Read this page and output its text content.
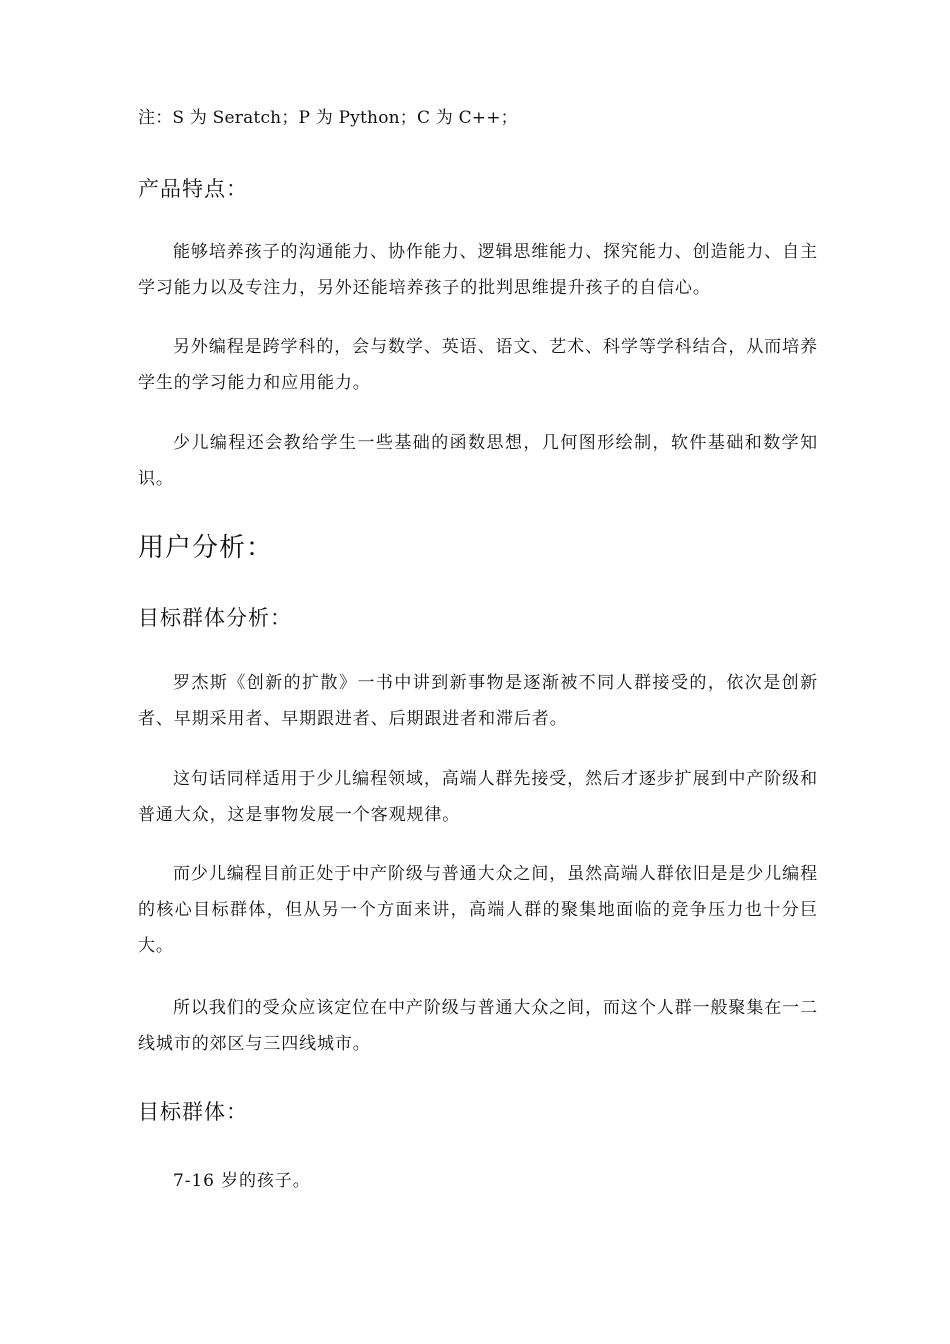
注：S 为 Seratch；P 为 Python；C 为 C++；

产品特点：

能够培养孩子的沟通能力、协作能力、逻辑思维能力、探究能力、创造能力、自主学习能力以及专注力，另外还能培养孩子的批判思维提升孩子的自信心。

另外编程是跨学科的，会与数学、英语、语文、艺术、科学等学科结合，从而培养学生的学习能力和应用能力。

少儿编程还会教给学生一些基础的函数思想，几何图形绘制，软件基础和数学知识。

用户分析：
目标群体分析：

罗杰斯《创新的扩散》一书中讲到新事物是逐渐被不同人群接受的，依次是创新者、早期采用者、早期跟进者、后期跟进者和滞后者。

这句话同样适用于少儿编程领域，高端人群先接受，然后才逐步扩展到中产阶级和普通大众，这是事物发展一个客观规律。

而少儿编程目前正处于中产阶级与普通大众之间，虽然高端人群依旧是是少儿编程的核心目标群体，但从另一个方面来讲，高端人群的聚集地面临的竞争压力也十分巨大。

所以我们的受众应该定位在中产阶级与普通大众之间，而这个人群一般聚集在一二线城市的郊区与三四线城市。

目标群体：

7-16 岁的孩子。
